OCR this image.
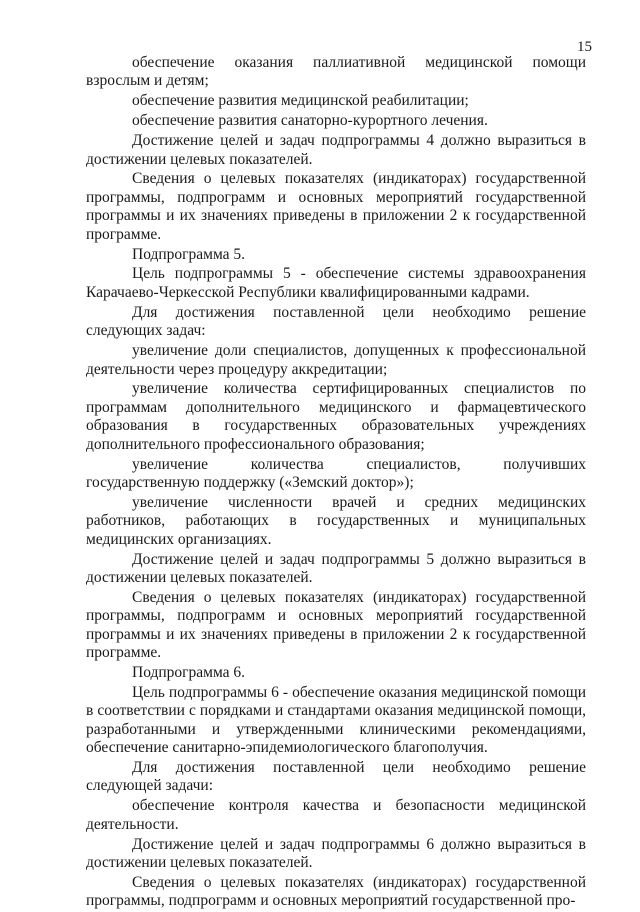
15

обеспечение оказания паллиативной медицинской помощи взрослым и детям;

обеспечение развития медицинской реабилитации;

обеспечение развития санаторно-курортного лечения.

Достижение целей и задач подпрограммы 4 должно выразиться в достижении целевых показателей.

Сведения о целевых показателях (индикаторах) государственной программы, подпрограмм и основных мероприятий государственной программы и их значениях приведены в приложении 2 к государственной программе.

Подпрограмма 5.

Цель подпрограммы 5 - обеспечение системы здравоохранения Карачаево-Черкесской Республики квалифицированными кадрами.

Для достижения поставленной цели необходимо решение следующих задач:

увеличение доли специалистов, допущенных к профессиональной деятельности через процедуру аккредитации;

увеличение количества сертифицированных специалистов по программам дополнительного медицинского и фармацевтического образования в государственных образовательных учреждениях дополнительного профессионального образования;

увеличение количества специалистов, получивших государственную поддержку («Земский доктор»);

увеличение численности врачей и средних медицинских работников, работающих в государственных и муниципальных медицинских организациях.

Достижение целей и задач подпрограммы 5 должно выразиться в достижении целевых показателей.

Сведения о целевых показателях (индикаторах) государственной программы, подпрограмм и основных мероприятий государственной программы и их значениях приведены в приложении 2 к государственной программе.

Подпрограмма 6.

Цель подпрограммы 6 - обеспечение оказания медицинской помощи в соответствии с порядками и стандартами оказания медицинской помощи, разработанными и утвержденными клиническими рекомендациями, обеспечение санитарно-эпидемиологического благополучия.

Для достижения поставленной цели необходимо решение следующей задачи:

обеспечение контроля качества и безопасности медицинской деятельности.

Достижение целей и задач подпрограммы 6 должно выразиться в достижении целевых показателей.

Сведения о целевых показателях (индикаторах) государственной программы, подпрограмм и основных мероприятий государственной про-
